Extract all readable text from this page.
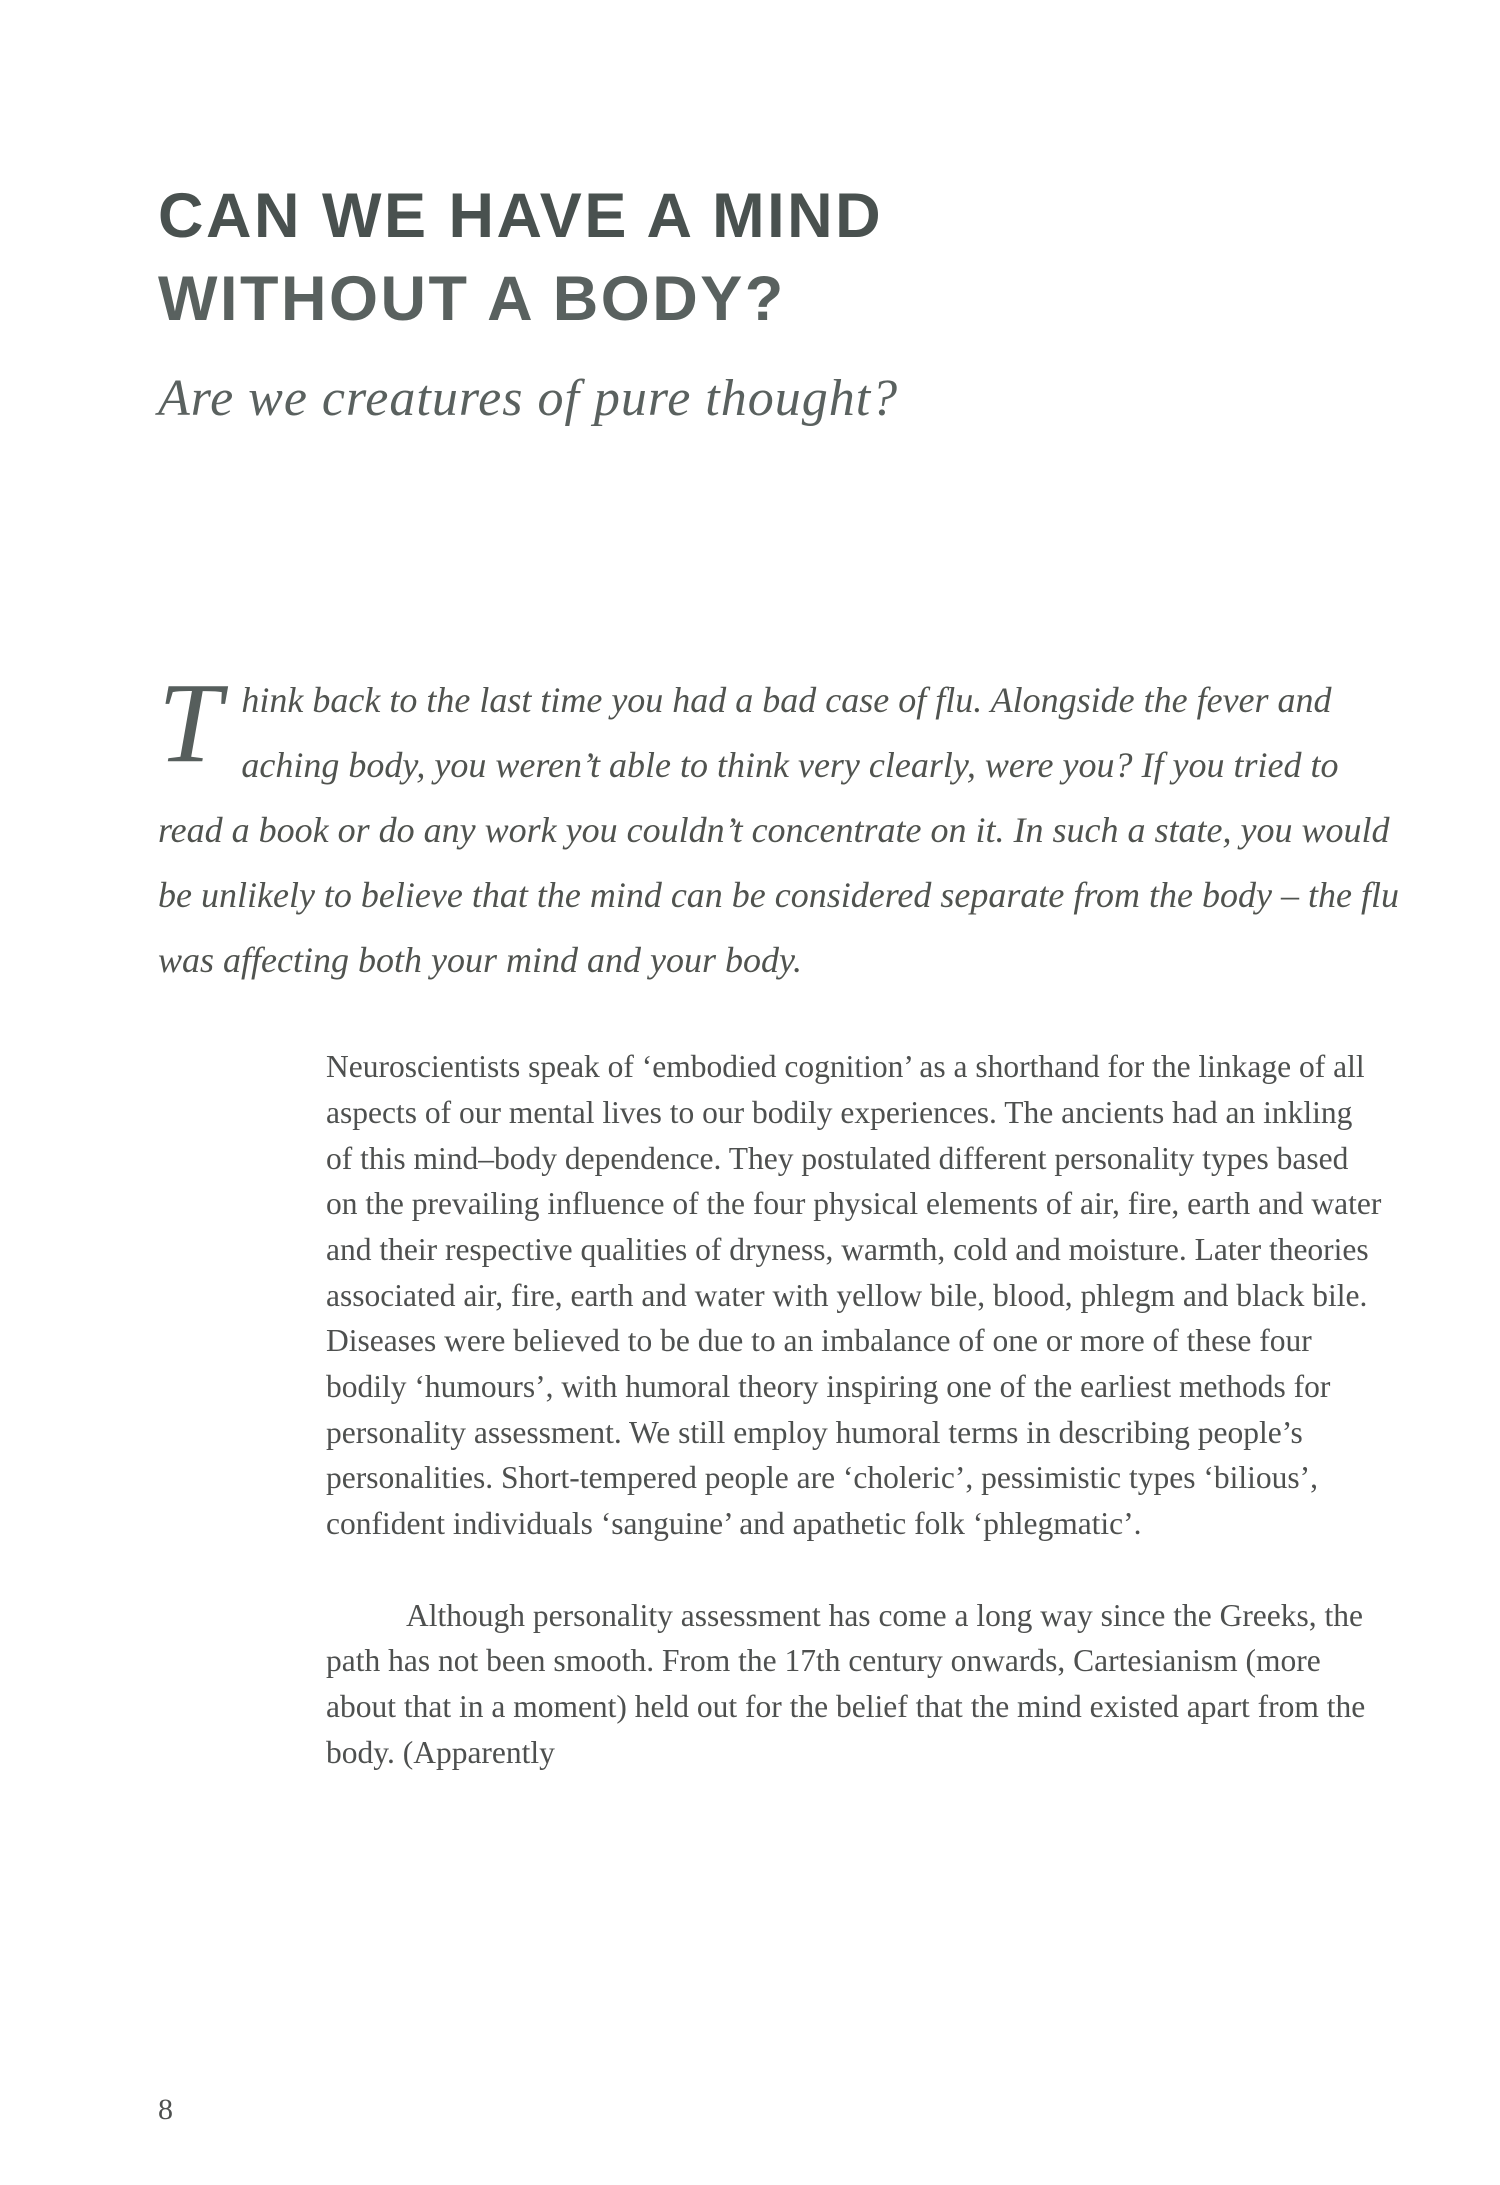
CAN WE HAVE A MIND
WITHOUT A BODY?
Are we creatures of pure thought?
T hink back to the last time you had a bad case of flu. Alongside the fever and aching body, you weren’t able to think very clearly, were you? If you tried to read a book or do any work you couldn’t concentrate on it. In such a state, you would be unlikely to believe that the mind can be considered separate from the body – the flu was affecting both your mind and your body.

Neuroscientists speak of ‘embodied cognition’ as a shorthand for the linkage of all aspects of our mental lives to our bodily experiences. The ancients had an inkling of this mind–body dependence. They postulated different personality types based on the prevailing influence of the four physical elements of air, fire, earth and water and their respective qualities of dryness, warmth, cold and moisture. Later theories associated air, fire, earth and water with yellow bile, blood, phlegm and black bile. Diseases were believed to be due to an imbalance of one or more of these four bodily ‘humours’, with humoral theory inspiring one of the earliest methods for personality assessment. We still employ humoral terms in describing people’s personalities. Short-tempered people are ‘choleric’, pessimistic types ‘bilious’, confident individuals ‘sanguine’ and apathetic folk ‘phlegmatic’.

Although personality assessment has come a long way since the Greeks, the path has not been smooth. From the 17th century onwards, Cartesianism (more about that in a moment) held out for the belief that the mind existed apart from the body. (Apparently

8
